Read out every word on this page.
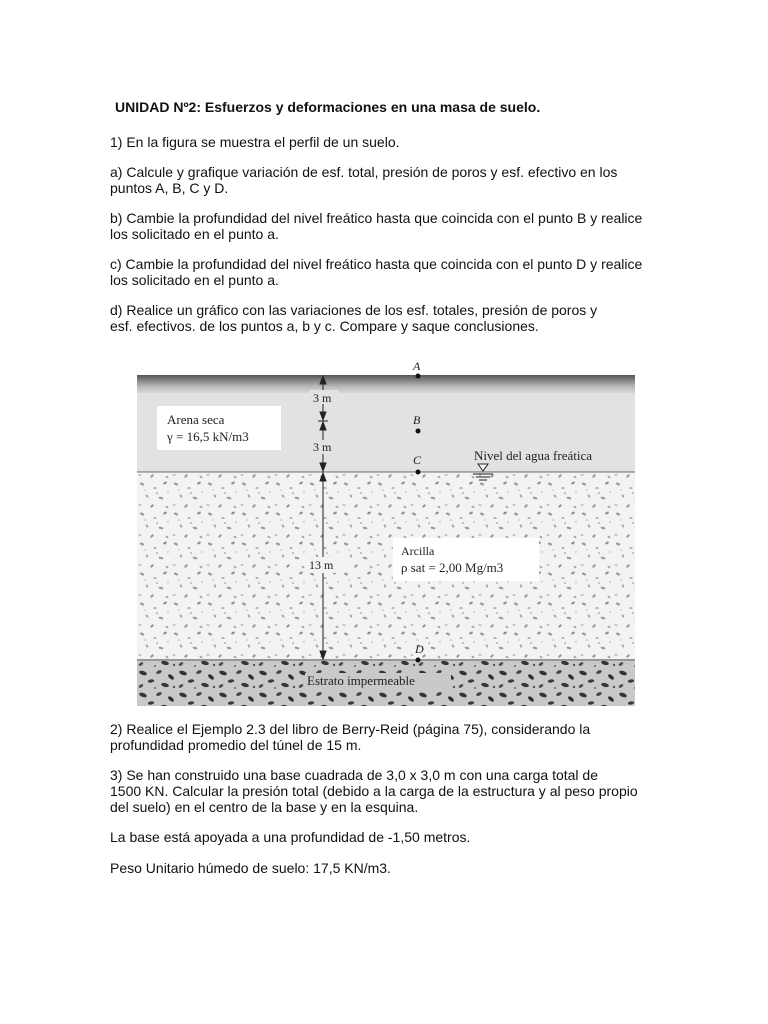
UNIDAD Nº2: Esfuerzos y deformaciones en una masa de suelo.

1) En la figura se muestra el perfil de un suelo.

a) Calcule y grafique variación de esf. total, presión de poros y esf. efectivo en los
puntos A, B, C y D.

b) Cambie la profundidad del nivel freático hasta que coincida con el punto B y realice
los solicitado en el punto a.

c) Cambie la profundidad del nivel freático hasta que coincida con el punto D y realice
los solicitado en el punto a.

d) Realice un gráfico con las variaciones de los esf. totales, presión de poros y
esf. efectivos. de los puntos a, b y c. Compare y saque conclusiones.

Arena seca
γ = 16,5 kN/m3
Arcilla
ρ sat = 2,00 Mg/m3
3 m
3 m
13 m
A
B
C
D
Nivel del agua freática
Estrato impermeable

2) Realice el Ejemplo 2.3 del libro de Berry-Reid (página 75), considerando la
profundidad promedio del túnel de 15 m.

3) Se han construido una base cuadrada de 3,0 x 3,0 m con una carga total de
1500 KN. Calcular la presión total (debido a la carga de la estructura y al peso propio
del suelo) en el centro de la base y en la esquina.

La base está apoyada a una profundidad de -1,50 metros.

Peso Unitario húmedo de suelo: 17,5 KN/m3.
